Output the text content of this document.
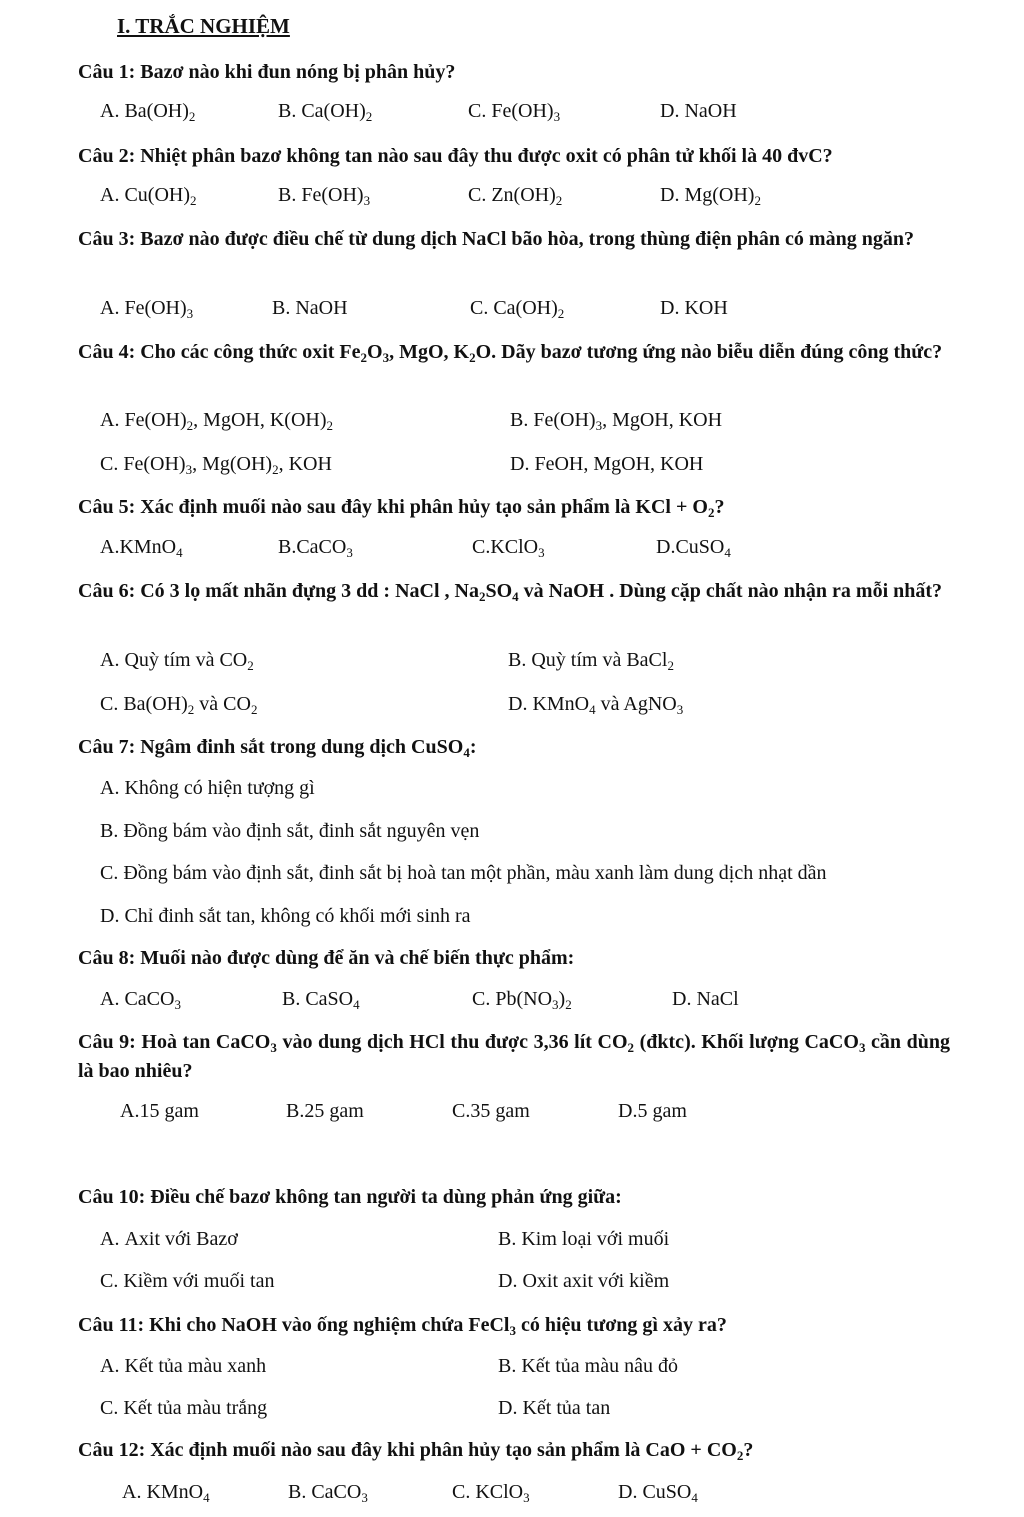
I. TRẮC NGHIỆM
Câu 1: Bazơ nào khi đun nóng bị phân hủy?
A. $Ba(OH)_2$	B. $Ca(OH)_2$	C. $Fe(OH)_3$	D. NaOH
Câu 2: Nhiệt phân bazơ không tan nào sau đây thu được oxit có phân tử khối là 40 đvC?
A. $Cu(OH)_2$	B. $Fe(OH)_3$	C. $Zn(OH)_2$	D. $Mg(OH)_2$
Câu 3: Bazơ nào được điều chế từ dung dịch NaCl bão hòa, trong thùng điện phân có màng ngăn?
A. $Fe(OH)_3$	B. NaOH	C. $Ca(OH)_2$	D. KOH
Câu 4: Cho các công thức oxit $Fe_2O_3$, MgO, $K_2O$. Dãy bazơ tương ứng nào biễu diễn đúng công thức?
A. $Fe(OH)_2$, MgOH, $K(OH)_2$	B. $Fe(OH)_3$, MgOH, KOH
C. $Fe(OH)_3$, $Mg(OH)_2$, KOH	D. FeOH, MgOH, KOH
Câu 5: Xác định muối nào sau đây khi phân hủy tạo sản phẩm là KCl + $O_2$?
A.KMnO$_4$	B.CaCO$_3$	C.KClO$_3$	D.CuSO$_4$
Câu 6: Có 3 lọ mất nhãn đựng 3 dd : NaCl , $Na_2SO_4$ và NaOH . Dùng cặp chất nào nhận ra mỗi nhất?
A. Quỳ tím và $CO_2$	B. Quỳ tím và BaCl$_2$
C. $Ba(OH)_2$ và $CO_2$	D. KMnO$_4$ và AgNO$_3$
Câu 7: Ngâm đinh sắt trong dung dịch CuSO$_4$:
A. Không có hiện tượng gì
B. Đồng bám vào định sắt, đinh sắt nguyên vẹn
C. Đồng bám vào định sắt, đinh sắt bị hoà tan một phần, màu xanh làm dung dịch nhạt dần
D. Chỉ đinh sắt tan, không có khối mới sinh ra
Câu 8: Muối nào được dùng để ăn và chế biến thực phẩm:
A. CaCO$_3$	B. CaSO$_4$	C. $Pb(NO_3)_2$	D. NaCl
Câu 9: Hoà tan CaCO$_3$ vào dung dịch HCl thu được 3,36 lít $CO_2$ (đktc). Khối lượng CaCO$_3$ cần dùng là bao nhiêu?
A.15 gam	B.25 gam	C.35 gam	D.5 gam
Câu 10: Điều chế bazơ không tan người ta dùng phản ứng giữa:
A. Axit với Bazơ	B. Kim loại với muối
C. Kiềm với muối tan	D. Oxit axit với kiềm
Câu 11: Khi cho NaOH vào ống nghiệm chứa FeCl$_3$ có hiệu tương gì xảy ra?
A. Kết tủa màu xanh	B. Kết tủa màu nâu đỏ
C. Kết tủa màu trắng	D. Kết tủa tan
Câu 12: Xác định muối nào sau đây khi phân hủy tạo sản phẩm là CaO + $CO_2$?
A. KMnO$_4$	B. CaCO$_3$	C. KClO$_3$	D. CuSO$_4$
